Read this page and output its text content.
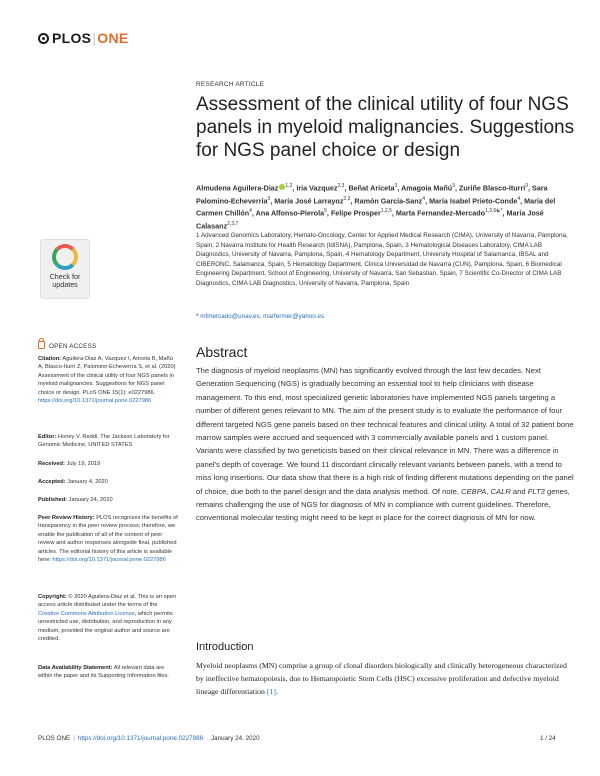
PLOS|ONE
RESEARCH ARTICLE
Assessment of the clinical utility of four NGS panels in myeloid malignancies. Suggestions for NGS panel choice or design
Almudena Aguilera-Diaz $^{1,2}$, Iria Vazquez$^{2,3}$, Beñat Ariceta$^3$, Amagoia Mañú$^3$, Zuriñe Blasco-Iturri$^3$, Sara Palomino-Echeverría$^3$, María José Larrayoz$^{2,3}$, Ramón García-Sanz$^4$, María Isabel Prieto-Conde$^4$, María del Carmen Chillón$^4$, Ana Alfonso-Pierola$^5$, Felipe Prosper$^{1,2,5}$, Marta Fernandez-Mercado$^{1,3,6☯*}$, María José Calasanz$^{2,3,7}$
1 Advanced Genomics Laboratory, Hemato-Oncology, Center for Applied Medical Research (CIMA), University of Navarra, Pamplona, Spain, 2 Navarra Institute for Health Research (IdiSNA), Pamplona, Spain, 3 Hematological Diseases Laboratory, CIMA LAB Diagnostics, University of Navarra, Pamplona, Spain, 4 Hematology Department, University Hospital of Salamanca, IBSAL and CIBERONC, Salamanca, Spain, 5 Hematology Department, Clinica Universidad de Navarra (CUN), Pamplona, Spain, 6 Biomedical Engineering Department, School of Engineering, University of Navarra, San Sebastian, Spain, 7 Scientific Co-Director of CIMA LAB Diagnostics, CIMA LAB Diagnostics, University of Navarra, Pamplona, Spain
* mfmercado@unav.es, marfermer@yahoo.es
Abstract
The diagnosis of myeloid neoplasms (MN) has significantly evolved through the last few decades. Next Generation Sequencing (NGS) is gradually becoming an essential tool to help clinicians with disease management. To this end, most specialized genetic laboratories have implemented NGS panels targeting a number of different genes relevant to MN. The aim of the present study is to evaluate the performance of four different targeted NGS gene panels based on their technical features and clinical utility. A total of 32 patient bone marrow samples were accrued and sequenced with 3 commercially available panels and 1 custom panel. Variants were classified by two geneticists based on their clinical relevance in MN. There was a difference in panel's depth of coverage. We found 11 discordant clinically relevant variants between panels, with a trend to miss long insertions. Our data show that there is a high risk of finding different mutations depending on the panel of choice, due both to the panel design and the data analysis method. Of note, CEBPA, CALR and FLT3 genes, remains challenging the use of NGS for diagnosis of MN in compliance with current guidelines. Therefore, conventional molecular testing might need to be kept in place for the correct diagnosis of MN for now.
Introduction
Myeloid neoplasms (MN) comprise a group of clonal disorders biologically and clinically heterogeneous characterized by ineffective hematopoiesis, due to Hematopoietic Stem Cells (HSC) excessive proliferation and defective myeloid lineage differentiation [1].
Check for
updates
OPEN ACCESS
Citation: Aguilera-Diaz A, Vazquez I, Ariceta B, Mañú A, Blasco-Iturri Z, Palomino-Echeverría S, et al. (2020) Assessment of the clinical utility of four NGS panels in myeloid malignancies. Suggestions for NGS panel choice or design. PLoS ONE 15(1): e0227986. https://doi.org/10.1371/journal.pone.0227986
Editor: Honey V. Reddi, The Jackson Laboratory for Genomic Medicine, UNITED STATES
Received: July 19, 2019
Accepted: January 4, 2020
Published: January 24, 2020
Peer Review History: PLOS recognizes the benefits of transparency in the peer review process; therefore, we enable the publication of all of the content of peer review and author responses alongside final, published articles. The editorial history of this article is available here: https://doi.org/10.1371/journal.pone.0227986
Copyright: © 2020 Aguilera-Diaz et al. This is an open access article distributed under the terms of the Creative Commons Attribution License, which permits unrestricted use, distribution, and reproduction in any medium, provided the original author and source are credited.
Data Availability Statement: All relevant data are within the paper and its Supporting Information files.
PLOS ONE | https://doi.org/10.1371/journal.pone.0227986 January 24, 2020	1 / 24
